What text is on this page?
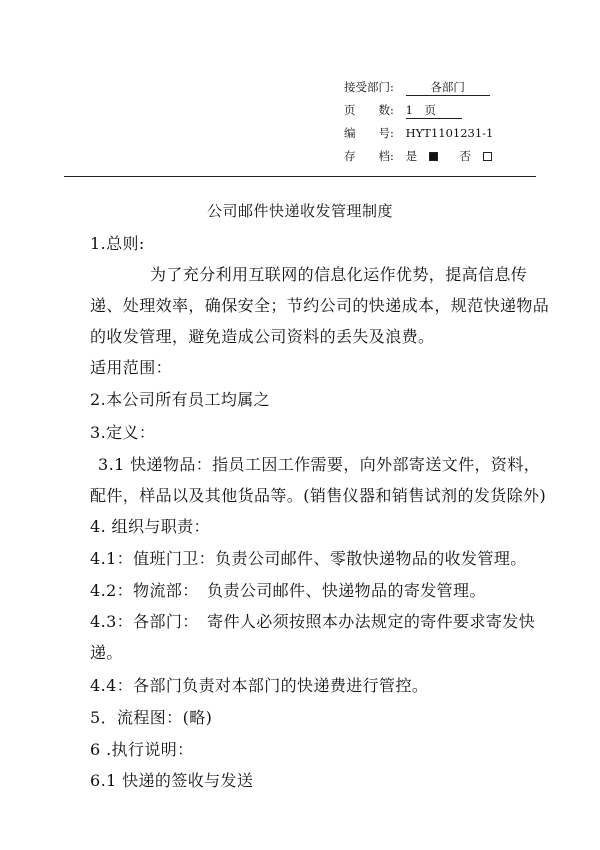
接受部门:	各部门
页　　数: 1　页
编　　号: HYT1101231-1
存　　档: 是	否
公司邮件快递收发管理制度
1.总则:
为了充分利用互联网的信息化运作优势，提高信息传
递、处理效率，确保安全；节约公司的快递成本，规范快递物品
的收发管理，避免造成公司资料的丢失及浪费。
适用范围：
2.本公司所有员工均属之
3.定义：
3.1 快递物品：指员工因工作需要，向外部寄送文件，资料，
配件，样品以及其他货品等。(销售仪器和销售试剂的发货除外)
4. 组织与职责：
4.1：值班门卫：负责公司邮件、零散快递物品的收发管理。
4.2：物流部：　负责公司邮件、快递物品的寄发管理。
4.3：各部门：　寄件人必须按照本办法规定的寄件要求寄发快
递。
4.4：各部门负责对本部门的快递费进行管控。
5．流程图：(略)
6 .执行说明：
6.1 快递的签收与发送
